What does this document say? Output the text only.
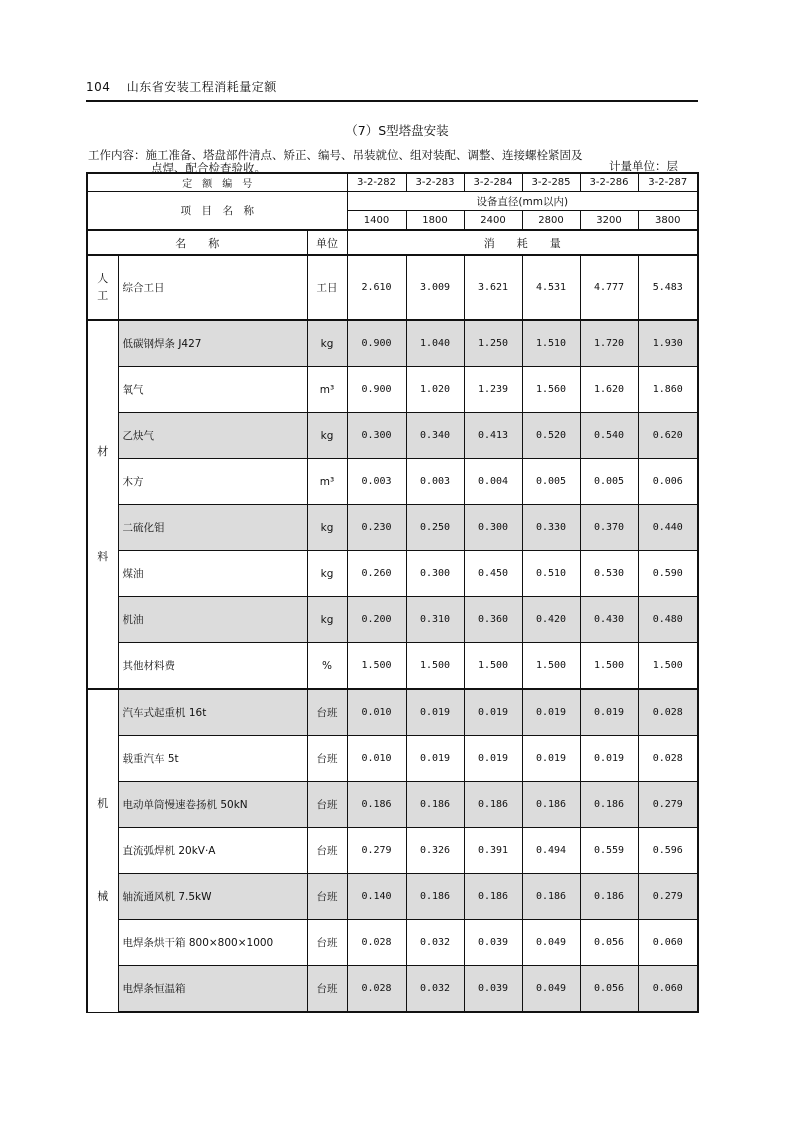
104 山东省安装工程消耗量定额
（7）S型塔盘安装
工作内容：施工准备、塔盘部件清点、矫正、编号、吊装就位、组对装配、调整、连接螺栓紧固及
点焊、配合检查验收。	计量单位：层
定　额　编　号			3-2-282	3-2-283	3-2-284	3-2-285	3-2-286	3-2-287
项　目　名　称			设备直径(mm以内)					
			1400	1800	2400	2800	3200	3800
名　　称		单位	消　　耗　　量					

人
工	综合工日	工日	2.610	3.009	3.621	4.531	4.777	5.483

材
料	低碳钢焊条 J427	kg	0.900	1.040	1.250	1.510	1.720	1.930
	氧气	m³	0.900	1.020	1.239	1.560	1.620	1.860
	乙炔气	kg	0.300	0.340	0.413	0.520	0.540	0.620
	木方	m³	0.003	0.003	0.004	0.005	0.005	0.006
	二硫化钼	kg	0.230	0.250	0.300	0.330	0.370	0.440
	煤油	kg	0.260	0.300	0.450	0.510	0.530	0.590
	机油	kg	0.200	0.310	0.360	0.420	0.430	0.480
	其他材料费	%	1.500	1.500	1.500	1.500	1.500	1.500

机
械	汽车式起重机 16t	台班	0.010	0.019	0.019	0.019	0.019	0.028
	载重汽车 5t	台班	0.010	0.019	0.019	0.019	0.019	0.028
	电动单筒慢速卷扬机 50kN	台班	0.186	0.186	0.186	0.186	0.186	0.279
	直流弧焊机 20kV·A	台班	0.279	0.326	0.391	0.494	0.559	0.596
	轴流通风机 7.5kW	台班	0.140	0.186	0.186	0.186	0.186	0.279
	电焊条烘干箱 800×800×1000	台班	0.028	0.032	0.039	0.049	0.056	0.060
	电焊条恒温箱	台班	0.028	0.032	0.039	0.049	0.056	0.060
